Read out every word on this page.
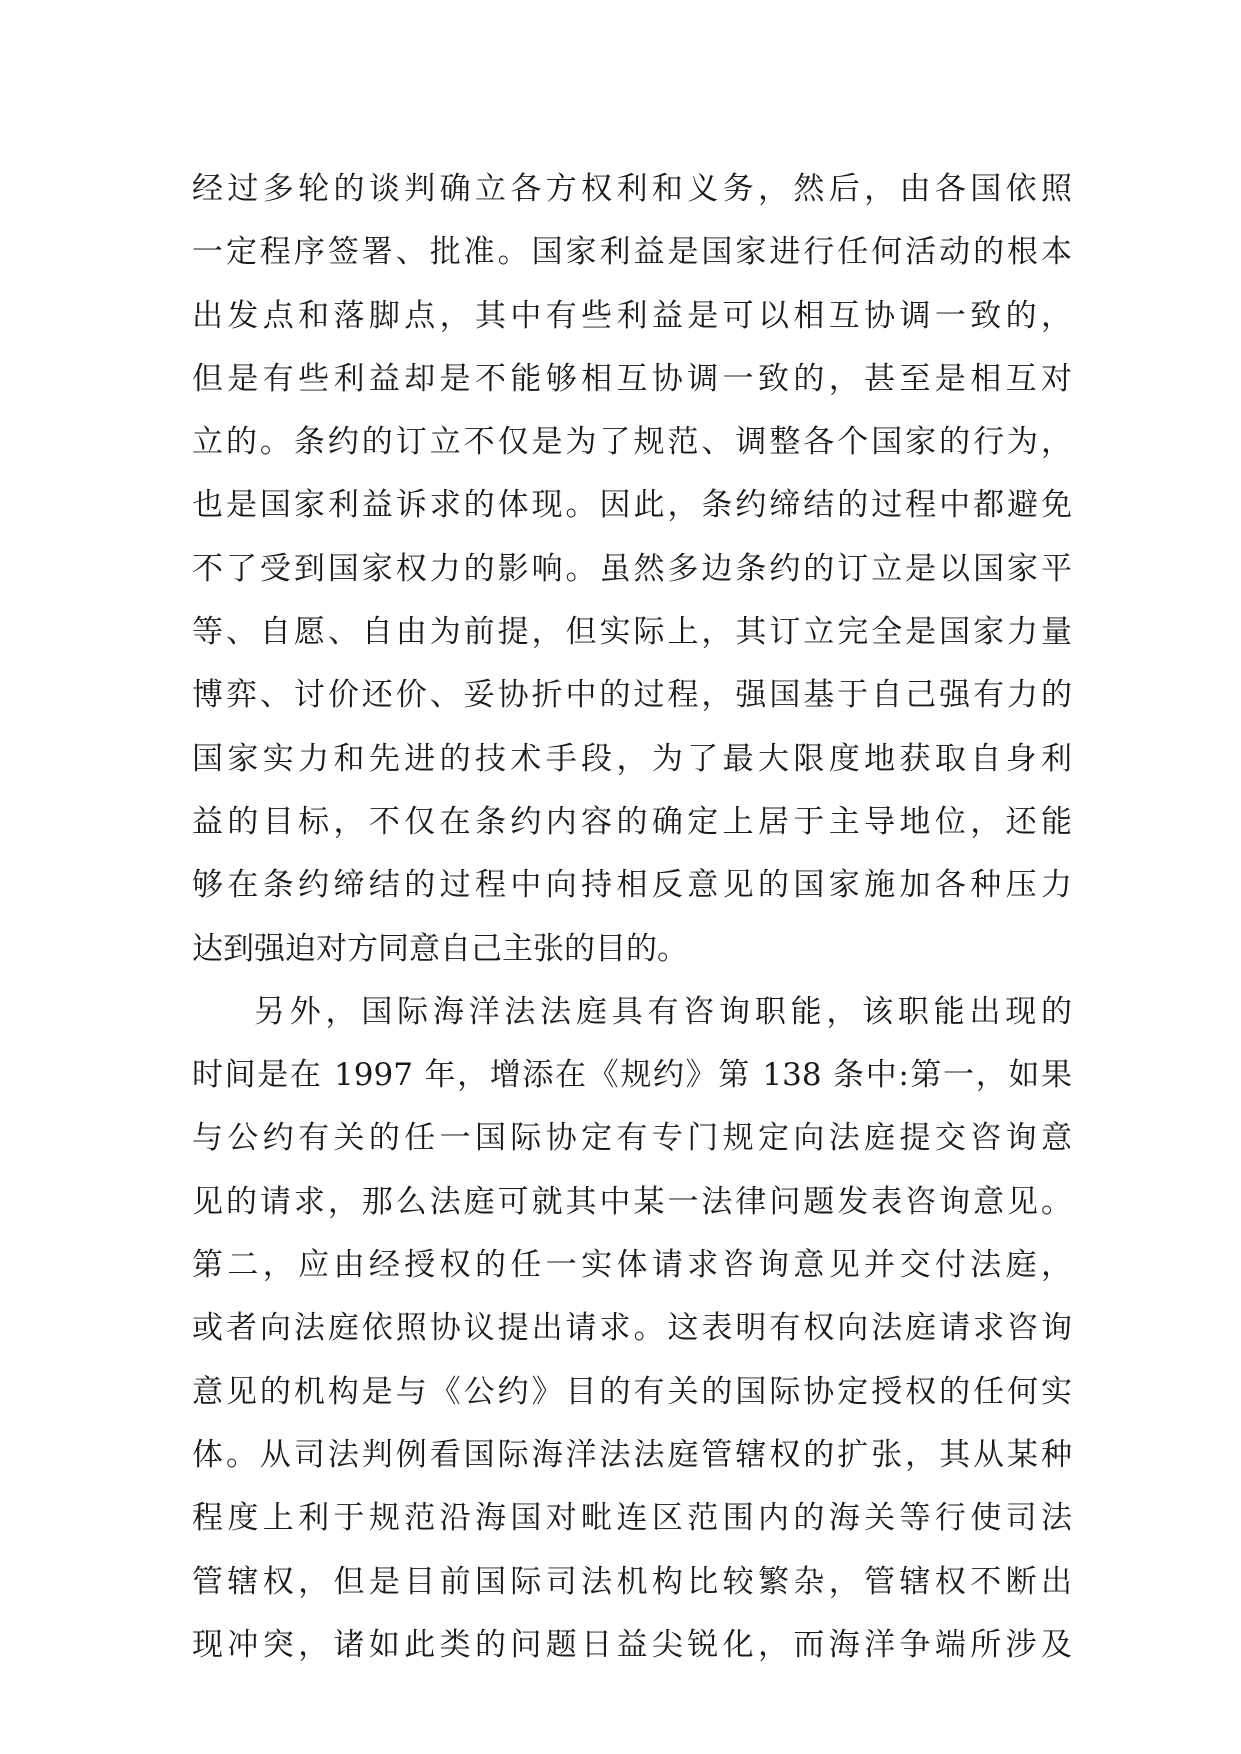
经过多轮的谈判确立各方权利和义务，然后，由各国依照
一定程序签署、批准。国家利益是国家进行任何活动的根本
出发点和落脚点，其中有些利益是可以相互协调一致的，
但是有些利益却是不能够相互协调一致的，甚至是相互对
立的。条约的订立不仅是为了规范、调整各个国家的行为，
也是国家利益诉求的体现。因此，条约缔结的过程中都避免
不了受到国家权力的影响。虽然多边条约的订立是以国家平
等、自愿、自由为前提，但实际上，其订立完全是国家力量
博弈、讨价还价、妥协折中的过程，强国基于自己强有力的
国家实力和先进的技术手段，为了最大限度地获取自身利
益的目标，不仅在条约内容的确定上居于主导地位，还能
够在条约缔结的过程中向持相反意见的国家施加各种压力
达到强迫对方同意自己主张的目的。
另外，国际海洋法法庭具有咨询职能，该职能出现的
时间是在 1997 年，增添在《规约》第 138 条中:第一，如果
与公约有关的任一国际协定有专门规定向法庭提交咨询意
见的请求，那么法庭可就其中某一法律问题发表咨询意见。
第二，应由经授权的任一实体请求咨询意见并交付法庭，
或者向法庭依照协议提出请求。这表明有权向法庭请求咨询
意见的机构是与《公约》目的有关的国际协定授权的任何实
体。从司法判例看国际海洋法法庭管辖权的扩张，其从某种
程度上利于规范沿海国对毗连区范围内的海关等行使司法
管辖权，但是目前国际司法机构比较繁杂，管辖权不断出
现冲突，诸如此类的问题日益尖锐化，而海洋争端所涉及
